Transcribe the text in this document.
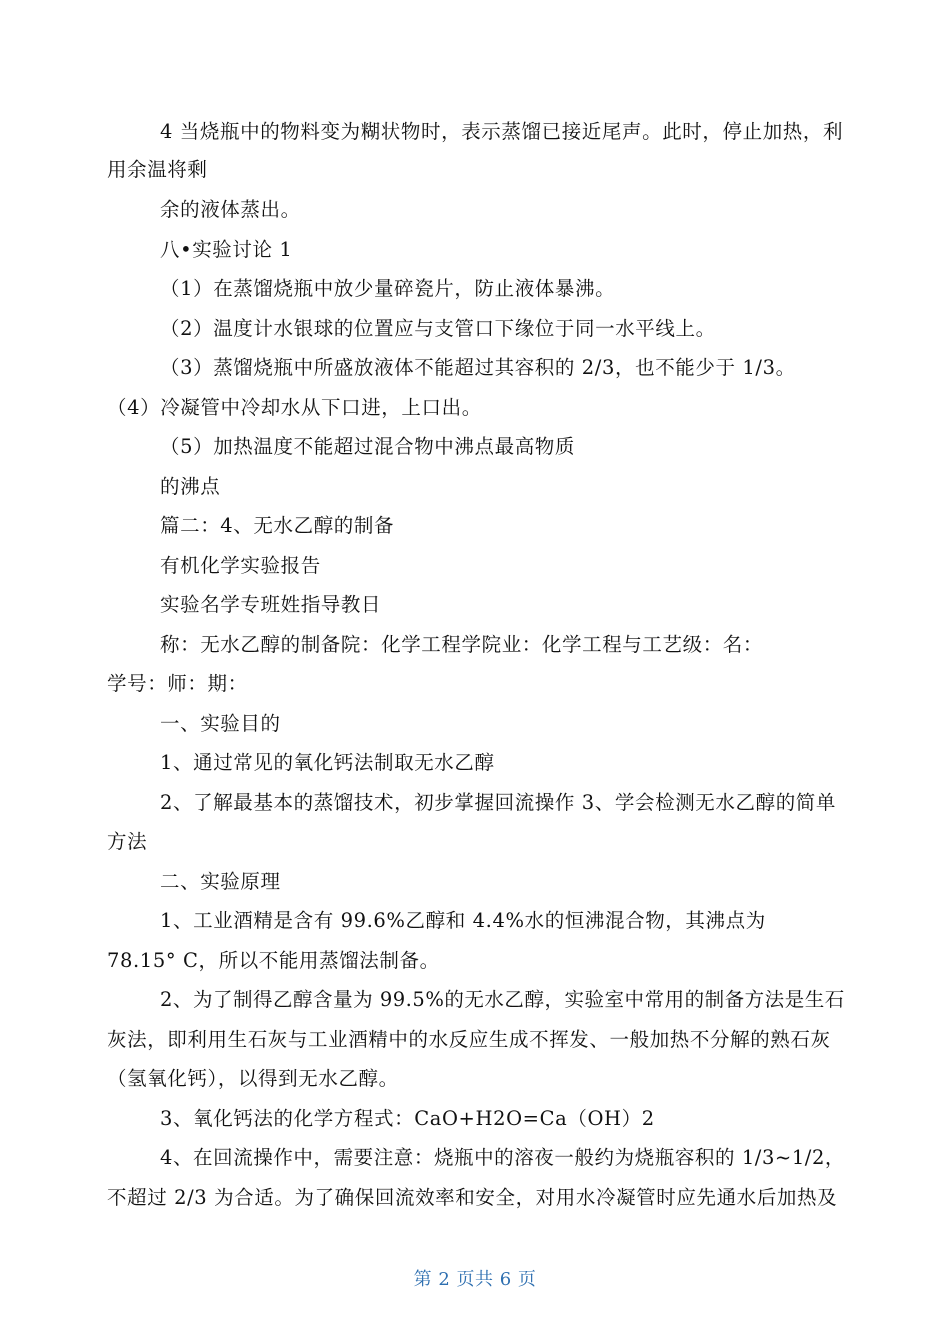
4 当烧瓶中的物料变为糊状物时，表示蒸馏已接近尾声。此时，停止加热，利
用余温将剩
余的液体蒸出。
八•实验讨论 1
（1）在蒸馏烧瓶中放少量碎瓷片，防止液体暴沸。
（2）温度计水银球的位置应与支管口下缘位于同一水平线上。
（3）蒸馏烧瓶中所盛放液体不能超过其容积的 2/3，也不能少于 1/3。
（4）冷凝管中冷却水从下口进，上口出。
（5）加热温度不能超过混合物中沸点最高物质
的沸点
篇二：4、无水乙醇的制备
有机化学实验报告
实验名学专班姓指导教日
称：无水乙醇的制备院：化学工程学院业：化学工程与工艺级：名：
学号：师：期：
一、实验目的
1、通过常见的氧化钙法制取无水乙醇
2、了解最基本的蒸馏技术，初步掌握回流操作 3、学会检测无水乙醇的简单
方法
二、实验原理
1、工业酒精是含有 99.6%乙醇和 4.4%水的恒沸混合物，其沸点为
78.15° C，所以不能用蒸馏法制备。
2、为了制得乙醇含量为 99.5%的无水乙醇，实验室中常用的制备方法是生石
灰法，即利用生石灰与工业酒精中的水反应生成不挥发、一般加热不分解的熟石灰
（氢氧化钙），以得到无水乙醇。
3、氧化钙法的化学方程式：CaO+H2O=Ca（OH）2
4、在回流操作中，需要注意：烧瓶中的溶夜一般约为烧瓶容积的 1/3~1/2，
不超过 2/3 为合适。为了确保回流效率和安全，对用水冷凝管时应先通水后加热及
第 2 页共 6 页
